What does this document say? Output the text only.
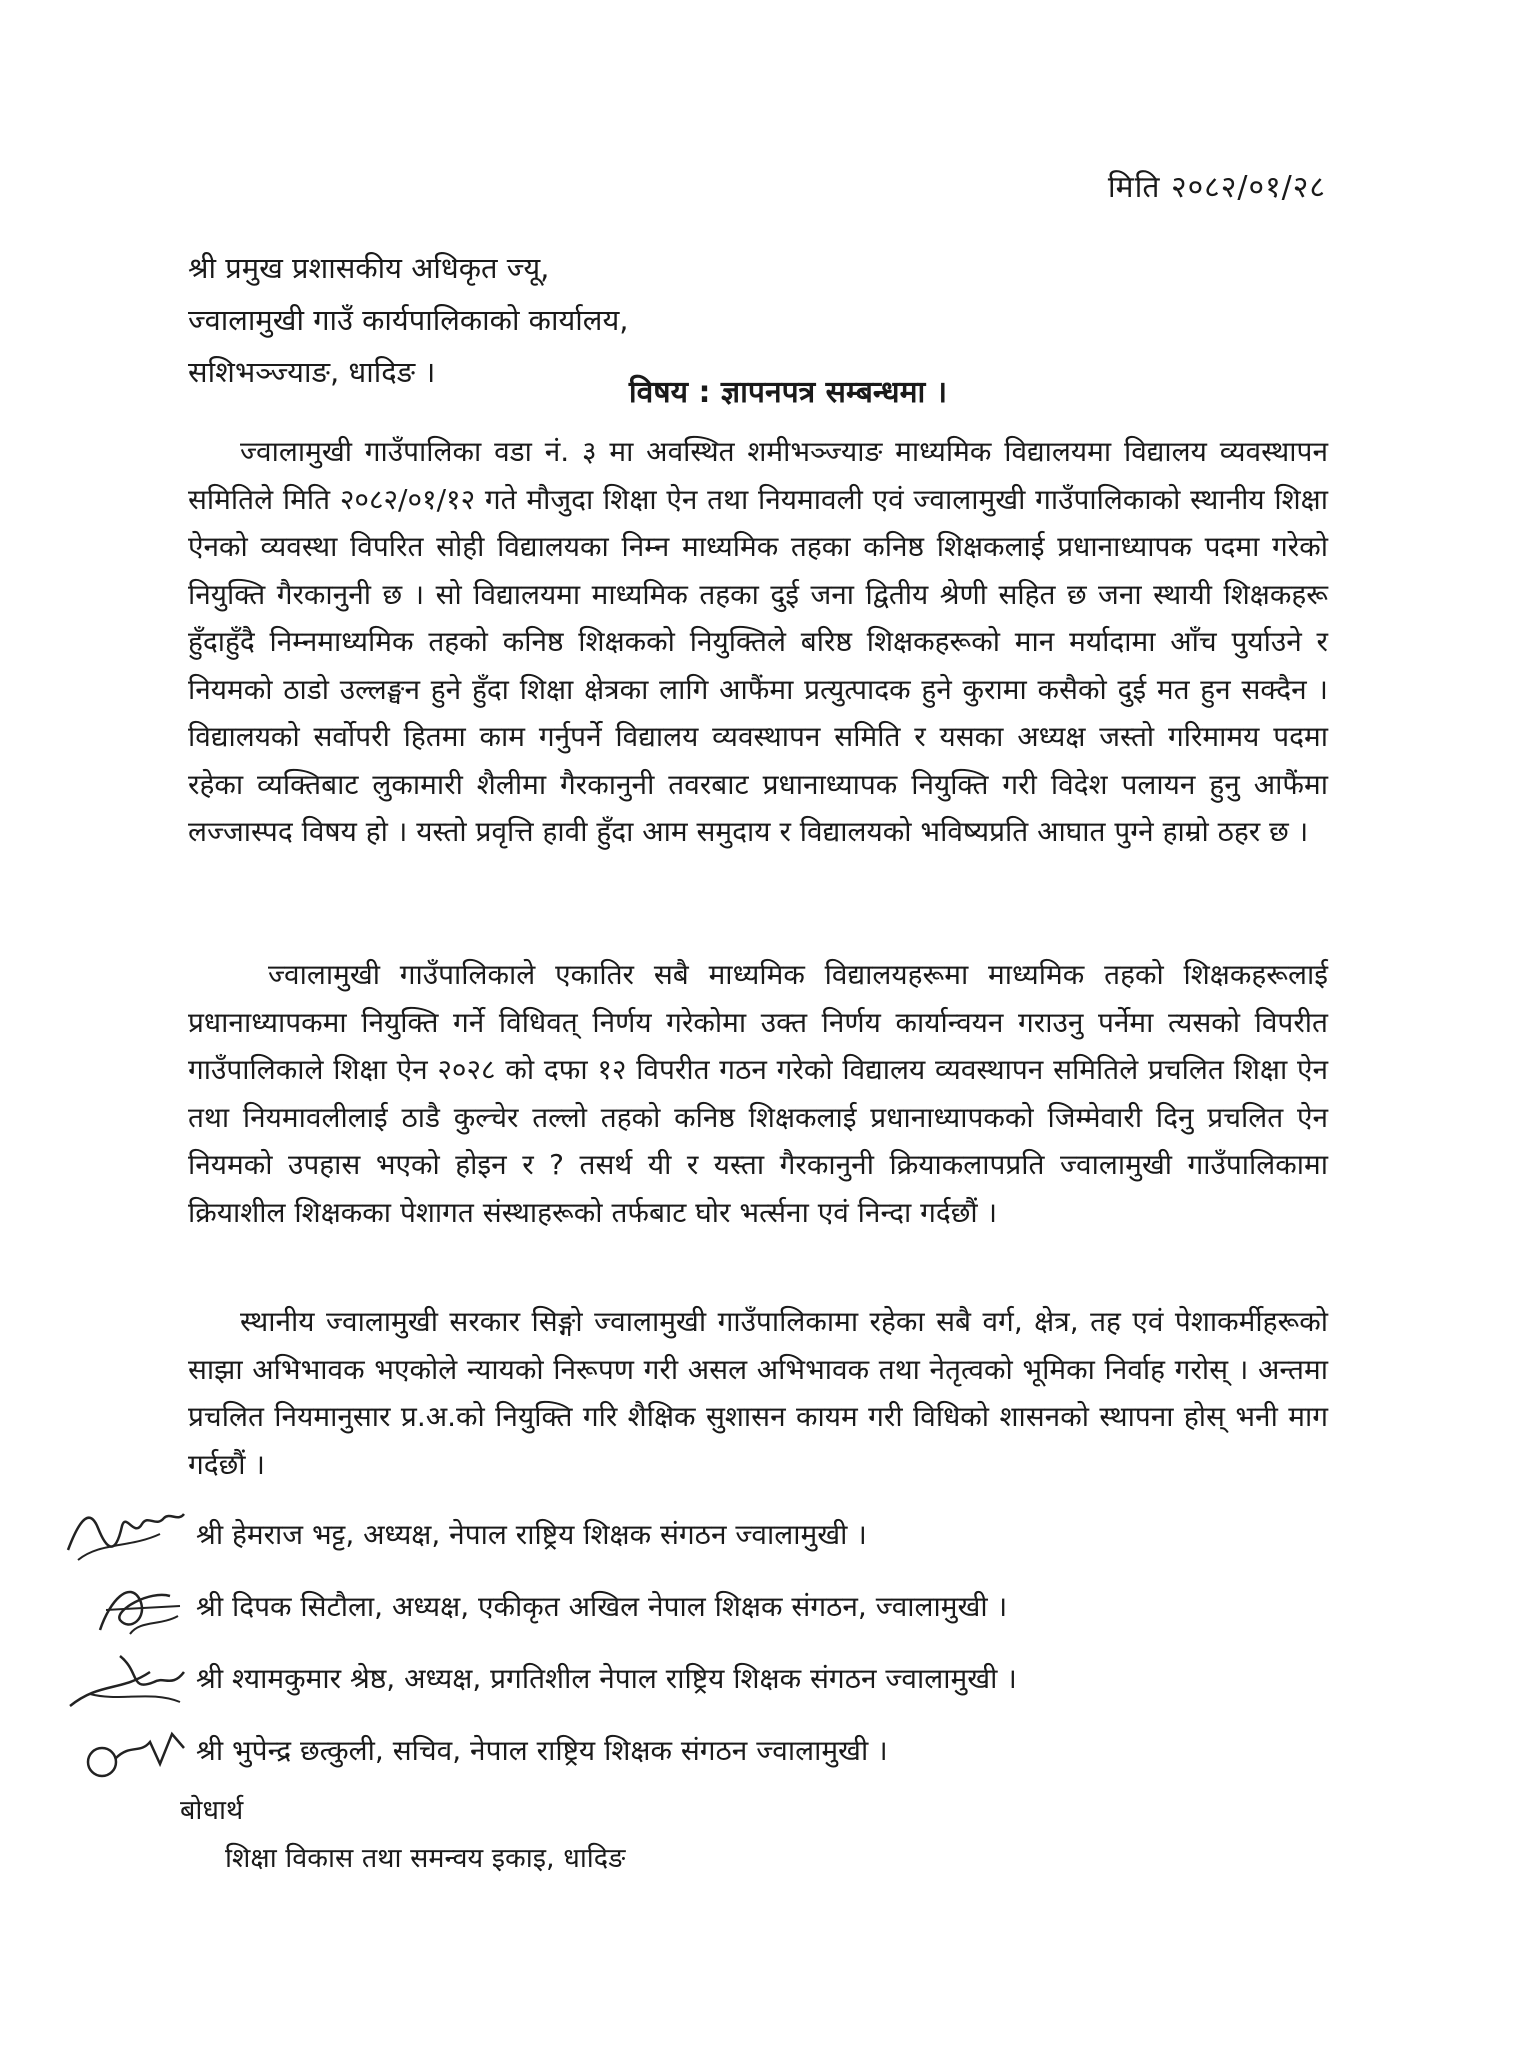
मिति २०८२/०१/२८
श्री प्रमुख प्रशासकीय अधिकृत ज्यू,
ज्वालामुखी गाउँ कार्यपालिकाको कार्यालय,
सशिभञ्ज्याङ, धादिङ ।
विषय : ज्ञापनपत्र सम्बन्धमा ।
ज्वालामुखी गाउँपालिका वडा नं. ३ मा अवस्थित शमीभञ्ज्याङ माध्यमिक विद्यालयमा विद्यालय व्यवस्थापन समितिले मिति २०८२/०१/१२ गते मौजुदा शिक्षा ऐन तथा नियमावली एवं ज्वालामुखी गाउँपालिकाको स्थानीय शिक्षा ऐनको व्यवस्था विपरित सोही विद्यालयका निम्न माध्यमिक तहका कनिष्ठ शिक्षकलाई प्रधानाध्यापक पदमा गरेको नियुक्ति गैरकानुनी छ । सो विद्यालयमा माध्यमिक तहका दुई जना द्वितीय श्रेणी सहित छ जना स्थायी शिक्षकहरू हुँदाहुँदै निम्नमाध्यमिक तहको कनिष्ठ शिक्षकको नियुक्तिले बरिष्ठ शिक्षकहरूको मान मर्यादामा आँच पुर्याउने र नियमको ठाडो उल्लङ्घन हुने हुँदा शिक्षा क्षेत्रका लागि आफैंमा प्रत्युत्पादक हुने कुरामा कसैको दुई मत हुन सक्दैन । विद्यालयको सर्वोपरी हितमा काम गर्नुपर्ने विद्यालय व्यवस्थापन समिति र यसका अध्यक्ष जस्तो गरिमामय पदमा रहेका व्यक्तिबाट लुकामारी शैलीमा गैरकानुनी तवरबाट प्रधानाध्यापक नियुक्ति गरी विदेश पलायन हुनु आफैंमा लज्जास्पद विषय हो । यस्तो प्रवृत्ति हावी हुँदा आम समुदाय र विद्यालयको भविष्यप्रति आघात पुग्ने हाम्रो ठहर छ ।
ज्वालामुखी गाउँपालिकाले एकातिर सबै माध्यमिक विद्यालयहरूमा माध्यमिक तहको शिक्षकहरूलाई प्रधानाध्यापकमा नियुक्ति गर्ने विधिवत् निर्णय गरेकोमा उक्त निर्णय कार्यान्वयन गराउनु पर्नेमा त्यसको विपरीत गाउँपालिकाले शिक्षा ऐन २०२८ को दफा १२ विपरीत गठन गरेको विद्यालय व्यवस्थापन समितिले प्रचलित शिक्षा ऐन तथा नियमावलीलाई ठाडै कुल्चेर तल्लो तहको कनिष्ठ शिक्षकलाई प्रधानाध्यापकको जिम्मेवारी दिनु प्रचलित ऐन नियमको उपहास भएको होइन र ? तसर्थ यी र यस्ता गैरकानुनी क्रियाकलापप्रति ज्वालामुखी गाउँपालिकामा क्रियाशील शिक्षकका पेशागत संस्थाहरूको तर्फबाट घोर भर्त्सना एवं निन्दा गर्दछौं ।
स्थानीय ज्वालामुखी सरकार सिङ्गो ज्वालामुखी गाउँपालिकामा रहेका सबै वर्ग, क्षेत्र, तह एवं पेशाकर्मीहरूको साझा अभिभावक भएकोले न्यायको निरूपण गरी असल अभिभावक तथा नेतृत्वको भूमिका निर्वाह गरोस् । अन्तमा प्रचलित नियमानुसार प्र.अ.को नियुक्ति गरि शैक्षिक सुशासन कायम गरी विधिको शासनको स्थापना होस् भनी माग गर्दछौं ।
श्री हेमराज भट्ट, अध्यक्ष, नेपाल राष्ट्रिय शिक्षक संगठन ज्वालामुखी ।
श्री दिपक सिटौला, अध्यक्ष, एकीकृत अखिल नेपाल शिक्षक संगठन, ज्वालामुखी ।
श्री श्यामकुमार श्रेष्ठ, अध्यक्ष, प्रगतिशील नेपाल राष्ट्रिय शिक्षक संगठन ज्वालामुखी ।
श्री भुपेन्द्र छत्कुली, सचिव, नेपाल राष्ट्रिय शिक्षक संगठन ज्वालामुखी ।
बोधार्थ
शिक्षा विकास तथा समन्वय इकाइ, धादिङ
